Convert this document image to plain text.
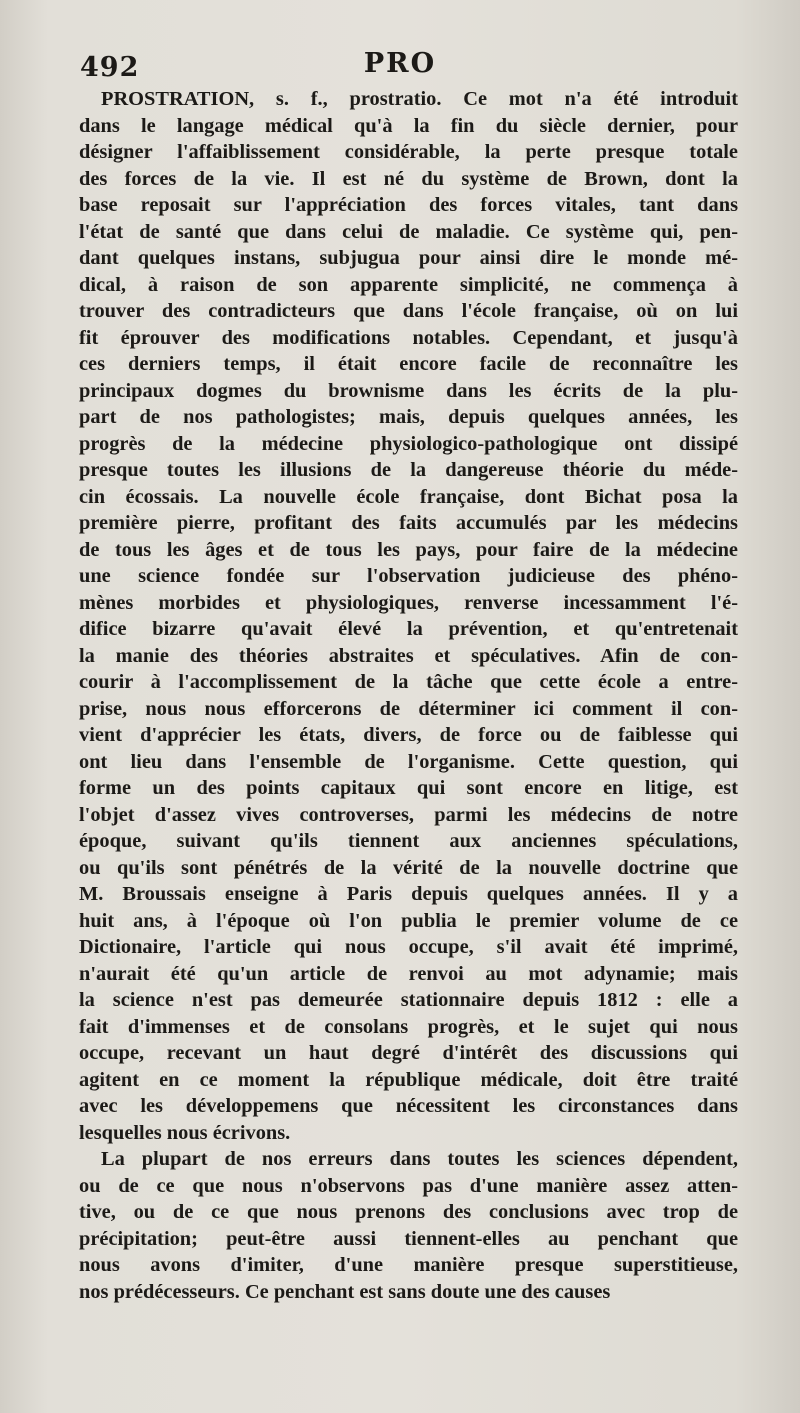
492	PRO
PROSTRATION, s. f., prostratio. Ce mot n'a été introduit
dans le langage médical qu'à la fin du siècle dernier, pour
désigner l'affaiblissement considérable, la perte presque totale
des forces de la vie. Il est né du système de Brown, dont la
base reposait sur l'appréciation des forces vitales, tant dans
l'état de santé que dans celui de maladie. Ce système qui, pen-
dant quelques instans, subjugua pour ainsi dire le monde mé-
dical, à raison de son apparente simplicité, ne commença à
trouver des contradicteurs que dans l'école française, où on lui
fit éprouver des modifications notables. Cependant, et jusqu'à
ces derniers temps, il était encore facile de reconnaître les
principaux dogmes du brownisme dans les écrits de la plu-
part de nos pathologistes; mais, depuis quelques années, les
progrès de la médecine physiologico-pathologique ont dissipé
presque toutes les illusions de la dangereuse théorie du méde-
cin écossais. La nouvelle école française, dont Bichat posa la
première pierre, profitant des faits accumulés par les médecins
de tous les âges et de tous les pays, pour faire de la médecine
une science fondée sur l'observation judicieuse des phéno-
mènes morbides et physiologiques, renverse incessamment l'é-
difice bizarre qu'avait élevé la prévention, et qu'entretenait
la manie des théories abstraites et spéculatives. Afin de con-
courir à l'accomplissement de la tâche que cette école a entre-
prise, nous nous efforcerons de déterminer ici comment il con-
vient d'apprécier les états, divers, de force ou de faiblesse qui
ont lieu dans l'ensemble de l'organisme. Cette question, qui
forme un des points capitaux qui sont encore en litige, est
l'objet d'assez vives controverses, parmi les médecins de notre
époque, suivant qu'ils tiennent aux anciennes spéculations,
ou qu'ils sont pénétrés de la vérité de la nouvelle doctrine que
M. Broussais enseigne à Paris depuis quelques années. Il y a
huit ans, à l'époque où l'on publia le premier volume de ce
Dictionaire, l'article qui nous occupe, s'il avait été imprimé,
n'aurait été qu'un article de renvoi au mot adynamie; mais
la science n'est pas demeurée stationnaire depuis 1812 : elle a
fait d'immenses et de consolans progrès, et le sujet qui nous
occupe, recevant un haut degré d'intérêt des discussions qui
agitent en ce moment la république médicale, doit être traité
avec les développemens que nécessitent les circonstances dans
lesquelles nous écrivons.
La plupart de nos erreurs dans toutes les sciences dépendent,
ou de ce que nous n'observons pas d'une manière assez atten-
tive, ou de ce que nous prenons des conclusions avec trop de
précipitation; peut-être aussi tiennent-elles au penchant que
nous avons d'imiter, d'une manière presque superstitieuse,
nos prédécesseurs. Ce penchant est sans doute une des causes
